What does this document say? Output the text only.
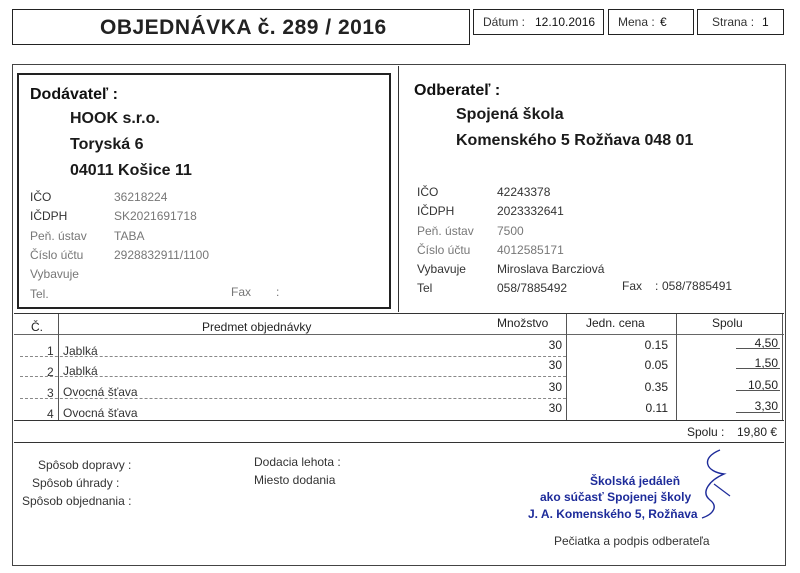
OBJEDNÁVKA č. 289 / 2016	Dátum : 12.10.2016 Mena : €	Strana : 1
Dodávateľ :
HOOK s.r.o.
Toryská 6
04011 Košice 11
IČO	36218224
IČDPH	SK2021691718
Peň. ústav TABA
Číslo účtu	2928832911/1100
Vybavuje
Tel.	Fax :
Odberateľ :
Spojená škola
Komenského 5 Rožňava 048 01
IČO	42243378
IČDPH	2023332641
Peň. ústav 7500
Číslo účtu 4012585171
Vybavuje	Miroslava Barcziová
Tel	058/7885492	Fax : 058/7885491
Č.	Predmet objednávky	Množstvo	Jedn. cena	Spolu
1 Jablká	30	0.15	4,50
2 Jablká	30	0.05	1,50
3 Ovocná šťava	30	0.35	10,50
4 Ovocná šťava	30	0.11	3,30
Spolu : 19,80 €
Spôsob dopravy :
Spôsob úhrady :
Spôsob objednania :
Dodacia lehota :
Miesto dodania	Školská jedáleň
ako súčasť Spojenej školy
J. A. Komenského 5, Rožňava
Pečiatka a podpis odberateľa
